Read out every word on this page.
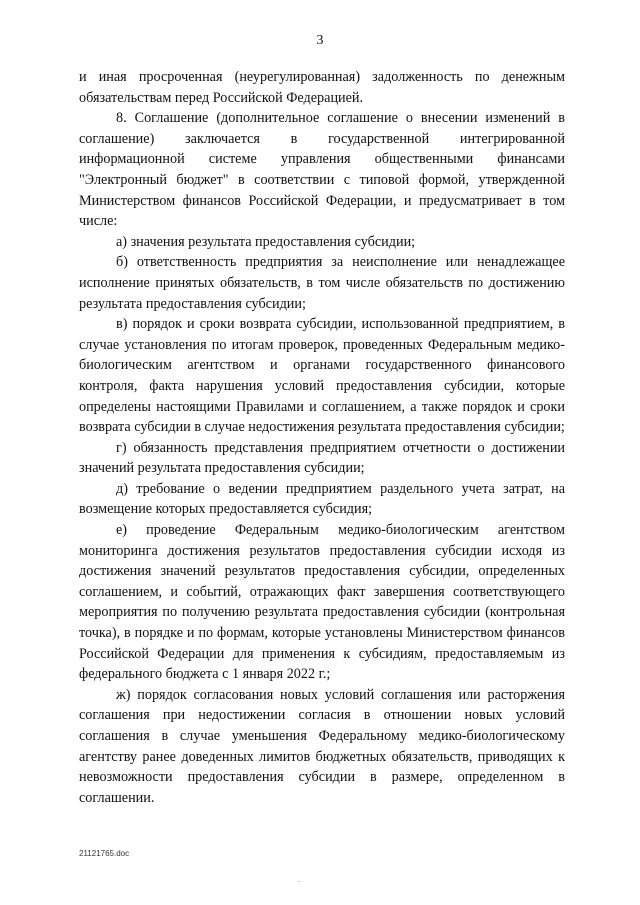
3

и иная просроченная (неурегулированная) задолженность по денежным обязательствам перед Российской Федерацией.

8. Соглашение (дополнительное соглашение о внесении изменений в соглашение) заключается в государственной интегрированной информационной системе управления общественными финансами "Электронный бюджет" в соответствии с типовой формой, утвержденной Министерством финансов Российской Федерации, и предусматривает в том числе:

а) значения результата предоставления субсидии;

б) ответственность предприятия за неисполнение или ненадлежащее исполнение принятых обязательств, в том числе обязательств по достижению результата предоставления субсидии;

в) порядок и сроки возврата субсидии, использованной предприятием, в случае установления по итогам проверок, проведенных Федеральным медико-биологическим агентством и органами государственного финансового контроля, факта нарушения условий предоставления субсидии, которые определены настоящими Правилами и соглашением, а также порядок и сроки возврата субсидии в случае недостижения результата предоставления субсидии;

г) обязанность представления предприятием отчетности о достижении значений результата предоставления субсидии;

д) требование о ведении предприятием раздельного учета затрат, на возмещение которых предоставляется субсидия;

е) проведение Федеральным медико-биологическим агентством мониторинга достижения результатов предоставления субсидии исходя из достижения значений результатов предоставления субсидии, определенных соглашением, и событий, отражающих факт завершения соответствующего мероприятия по получению результата предоставления субсидии (контрольная точка), в порядке и по формам, которые установлены Министерством финансов Российской Федерации для применения к субсидиям, предоставляемым из федерального бюджета с 1 января 2022 г.;

ж) порядок согласования новых условий соглашения или расторжения соглашения при недостижении согласия в отношении новых условий соглашения в случае уменьшения Федеральному медико-биологическому агентству ранее доведенных лимитов бюджетных обязательств, приводящих к невозможности предоставления субсидии в размере, определенном в соглашении.

21121765.doc
.
